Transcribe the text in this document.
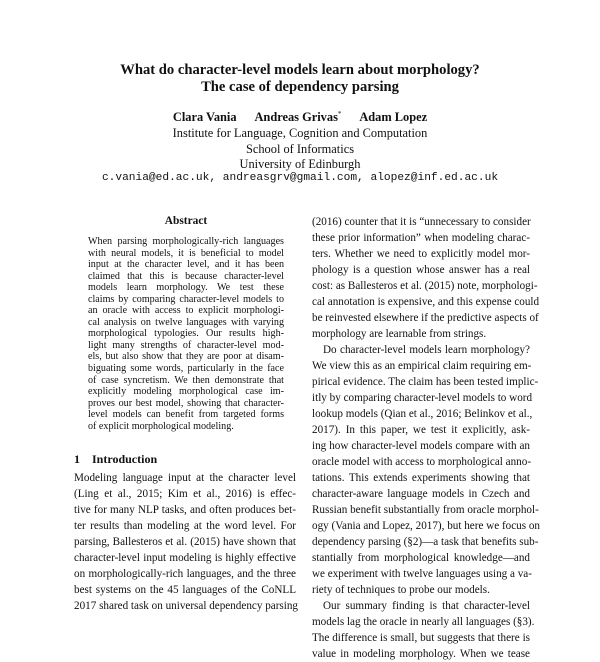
What do character-level models learn about morphology?
The case of dependency parsing
Clara Vania Andreas Grivas* Adam Lopez
Institute for Language, Cognition and Computation
School of Informatics
University of Edinburgh
c.vania@ed.ac.uk, andreasgrv@gmail.com, alopez@inf.ed.ac.uk
Abstract
When parsing morphologically-rich languages
with neural models, it is beneficial to model
input at the character level, and it has been
claimed that this is because character-level
models learn morphology. We test these
claims by comparing character-level models to
an oracle with access to explicit morphologi-
cal analysis on twelve languages with varying
morphological typologies. Our results high-
light many strengths of character-level mod-
els, but also show that they are poor at disam-
biguating some words, particularly in the face
of case syncretism. We then demonstrate that
explicitly modeling morphological case im-
proves our best model, showing that character-
level models can benefit from targeted forms
of explicit morphological modeling.
1    Introduction
Modeling language input at the character level
(Ling et al., 2015; Kim et al., 2016) is effec-
tive for many NLP tasks, and often produces bet-
ter results than modeling at the word level. For
parsing, Ballesteros et al. (2015) have shown that
character-level input modeling is highly effective
on morphologically-rich languages, and the three
best systems on the 45 languages of the CoNLL
2017 shared task on universal dependency parsing
(2016) counter that it is “unnecessary to consider
these prior information” when modeling charac-
ters. Whether we need to explicitly model mor-
phology is a question whose answer has a real
cost: as Ballesteros et al. (2015) note, morphologi-
cal annotation is expensive, and this expense could
be reinvested elsewhere if the predictive aspects of
morphology are learnable from strings.
Do character-level models learn morphology?
We view this as an empirical claim requiring em-
pirical evidence. The claim has been tested implic-
itly by comparing character-level models to word
lookup models (Qian et al., 2016; Belinkov et al.,
2017). In this paper, we test it explicitly, ask-
ing how character-level models compare with an
oracle model with access to morphological anno-
tations. This extends experiments showing that
character-aware language models in Czech and
Russian benefit substantially from oracle morphol-
ogy (Vania and Lopez, 2017), but here we focus on
dependency parsing (§2)—a task that benefits sub-
stantially from morphological knowledge—and
we experiment with twelve languages using a va-
riety of techniques to probe our models.
Our summary finding is that character-level
models lag the oracle in nearly all languages (§3).
The difference is small, but suggests that there is
value in modeling morphology. When we tease
